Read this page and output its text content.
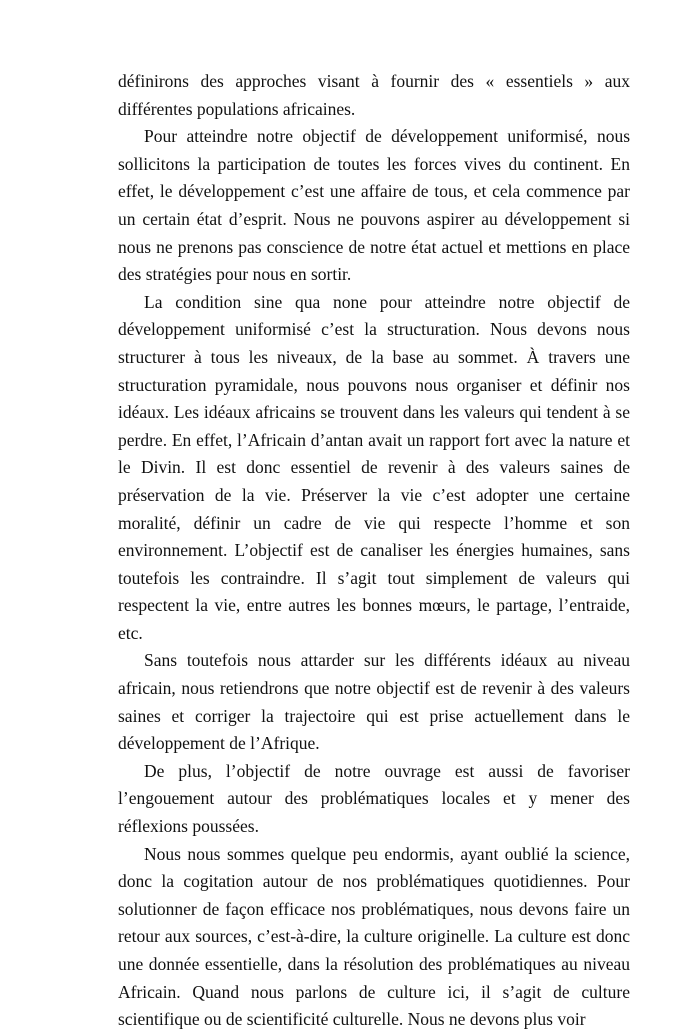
définirons des approches visant à fournir des « essentiels » aux différentes populations africaines.

Pour atteindre notre objectif de développement uniformisé, nous sollicitons la participation de toutes les forces vives du continent. En effet, le développement c’est une affaire de tous, et cela commence par un certain état d’esprit. Nous ne pouvons aspirer au développement si nous ne prenons pas conscience de notre état actuel et mettions en place des stratégies pour nous en sortir.

La condition sine qua none pour atteindre notre objectif de développement uniformisé c’est la structuration. Nous devons nous structurer à tous les niveaux, de la base au sommet. À travers une structuration pyramidale, nous pouvons nous organiser et définir nos idéaux. Les idéaux africains se trouvent dans les valeurs qui tendent à se perdre. En effet, l’Africain d’antan avait un rapport fort avec la nature et le Divin. Il est donc essentiel de revenir à des valeurs saines de préservation de la vie. Préserver la vie c’est adopter une certaine moralité, définir un cadre de vie qui respecte l’homme et son environnement. L’objectif est de canaliser les énergies humaines, sans toutefois les contraindre. Il s’agit tout simplement de valeurs qui respectent la vie, entre autres les bonnes mœurs, le partage, l’entraide, etc.

Sans toutefois nous attarder sur les différents idéaux au niveau africain, nous retiendrons que notre objectif est de revenir à des valeurs saines et corriger la trajectoire qui est prise actuellement dans le développement de l’Afrique.

De plus, l’objectif de notre ouvrage est aussi de favoriser l’engouement autour des problématiques locales et y mener des réflexions poussées.

Nous nous sommes quelque peu endormis, ayant oublié la science, donc la cogitation autour de nos problématiques quotidiennes. Pour solutionner de façon efficace nos problématiques, nous devons faire un retour aux sources, c’est-à-dire, la culture originelle. La culture est donc une donnée essentielle, dans la résolution des problématiques au niveau Africain. Quand nous parlons de culture ici, il s’agit de culture scientifique ou de scientificité culturelle. Nous ne devons plus voir
